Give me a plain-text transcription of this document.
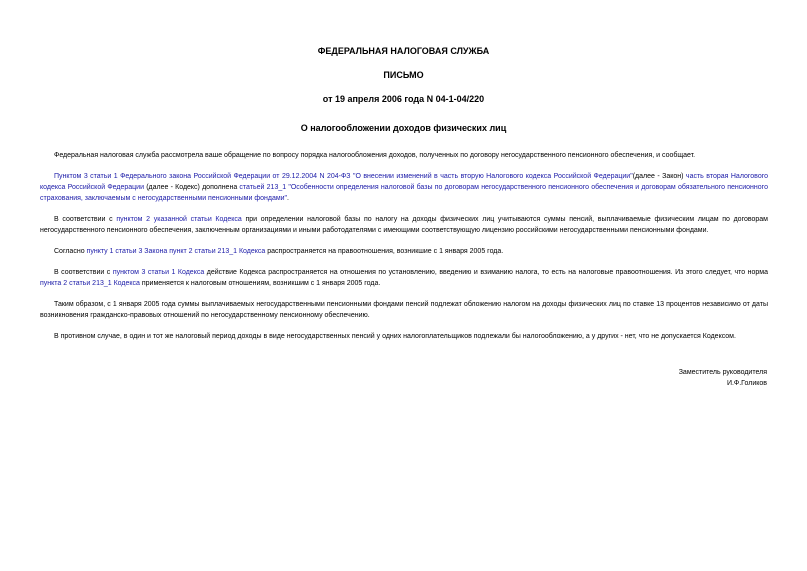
ФЕДЕРАЛЬНАЯ НАЛОГОВАЯ СЛУЖБА
ПИСЬМО
от 19 апреля 2006 года N 04-1-04/220
О налогообложении доходов физических лиц

Федеральная налоговая служба рассмотрела ваше обращение по вопросу порядка налогообложения доходов, полученных по договору негосударственного пенсионного обеспечения, и сообщает.

Пунктом 3 статьи 1 Федерального закона Российской Федерации от 29.12.2004 N 204-ФЗ "О внесении изменений в часть вторую Налогового кодекса Российской Федерации"(далее - Закон) часть вторая Налогового кодекса Российской Федерации (далее - Кодекс) дополнена статьей 213_1 "Особенности определения налоговой базы по договорам негосударственного пенсионного обеспечения и договорам обязательного пенсионного страхования, заключаемым с негосударственными пенсионными фондами".

В соответствии с пунктом 2 указанной статьи Кодекса при определении налоговой базы по налогу на доходы физических лиц учитываются суммы пенсий, выплачиваемые физическим лицам по договорам негосударственного пенсионного обеспечения, заключенным организациями и иными работодателями с имеющими соответствующую лицензию российскими негосударственными пенсионными фондами.

Согласно пункту 1 статьи 3 Закона пункт 2 статьи 213_1 Кодекса распространяется на правоотношения, возникшие с 1 января 2005 года.

В соответствии с пунктом 3 статьи 1 Кодекса действие Кодекса распространяется на отношения по установлению, введению и взиманию налога, то есть на налоговые правоотношения. Из этого следует, что норма пункта 2 статьи 213_1 Кодекса применяется к налоговым отношениям, возникшим с 1 января 2005 года.

Таким образом, с 1 января 2005 года суммы выплачиваемых негосударственными пенсионными фондами пенсий подлежат обложению налогом на доходы физических лиц по ставке 13 процентов независимо от даты возникновения гражданско-правовых отношений по негосударственному пенсионному обеспечению.

В противном случае, в один и тот же налоговый период доходы в виде негосударственных пенсий у одних налогоплательщиков подлежали бы налогообложению, а у других - нет, что не допускается Кодексом.

Заместитель руководителя
И.Ф.Голиков
